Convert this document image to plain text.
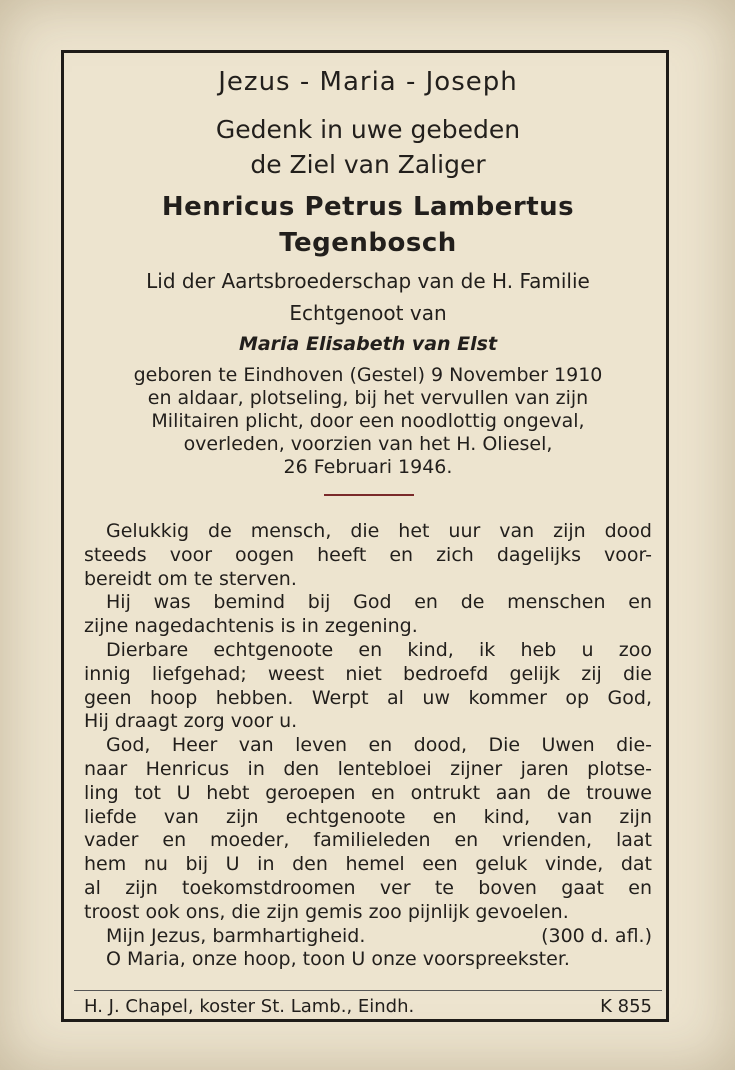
Jezus - Maria - Joseph
Gedenk in uwe gebeden
de Ziel van Zaliger
Henricus Petrus Lambertus
Tegenbosch
Lid der Aartsbroederschap van de H. Familie
Echtgenoot van
Maria Elisabeth van Elst
geboren te Eindhoven (Gestel) 9 November 1910
en aldaar, plotseling, bij het vervullen van zijn
Militairen plicht, door een noodlottig ongeval,
overleden, voorzien van het H. Oliesel,
26 Februari 1946.
Gelukkig de mensch, die het uur van zijn dood
steeds voor oogen heeft en zich dagelijks voor-
bereidt om te sterven.
Hij was bemind bij God en de menschen en
zijne nagedachtenis is in zegening.
Dierbare echtgenoote en kind, ik heb u zoo
innig liefgehad; weest niet bedroefd gelijk zij die
geen hoop hebben. Werpt al uw kommer op God,
Hij draagt zorg voor u.
God, Heer van leven en dood, Die Uwen die-
naar Henricus in den lentebloei zijner jaren plotse-
ling tot U hebt geroepen en ontrukt aan de trouwe
liefde van zijn echtgenoote en kind, van zijn
vader en moeder, familieleden en vrienden, laat
hem nu bij U in den hemel een geluk vinde, dat
al zijn toekomstdroomen ver te boven gaat en
troost ook ons, die zijn gemis zoo pijnlijk gevoelen.
Mijn Jezus, barmhartigheid.	(300 d. afl.)
O Maria, onze hoop, toon U onze voorspreekster.
H. J. Chapel, koster St. Lamb., Eindh.	K 855
